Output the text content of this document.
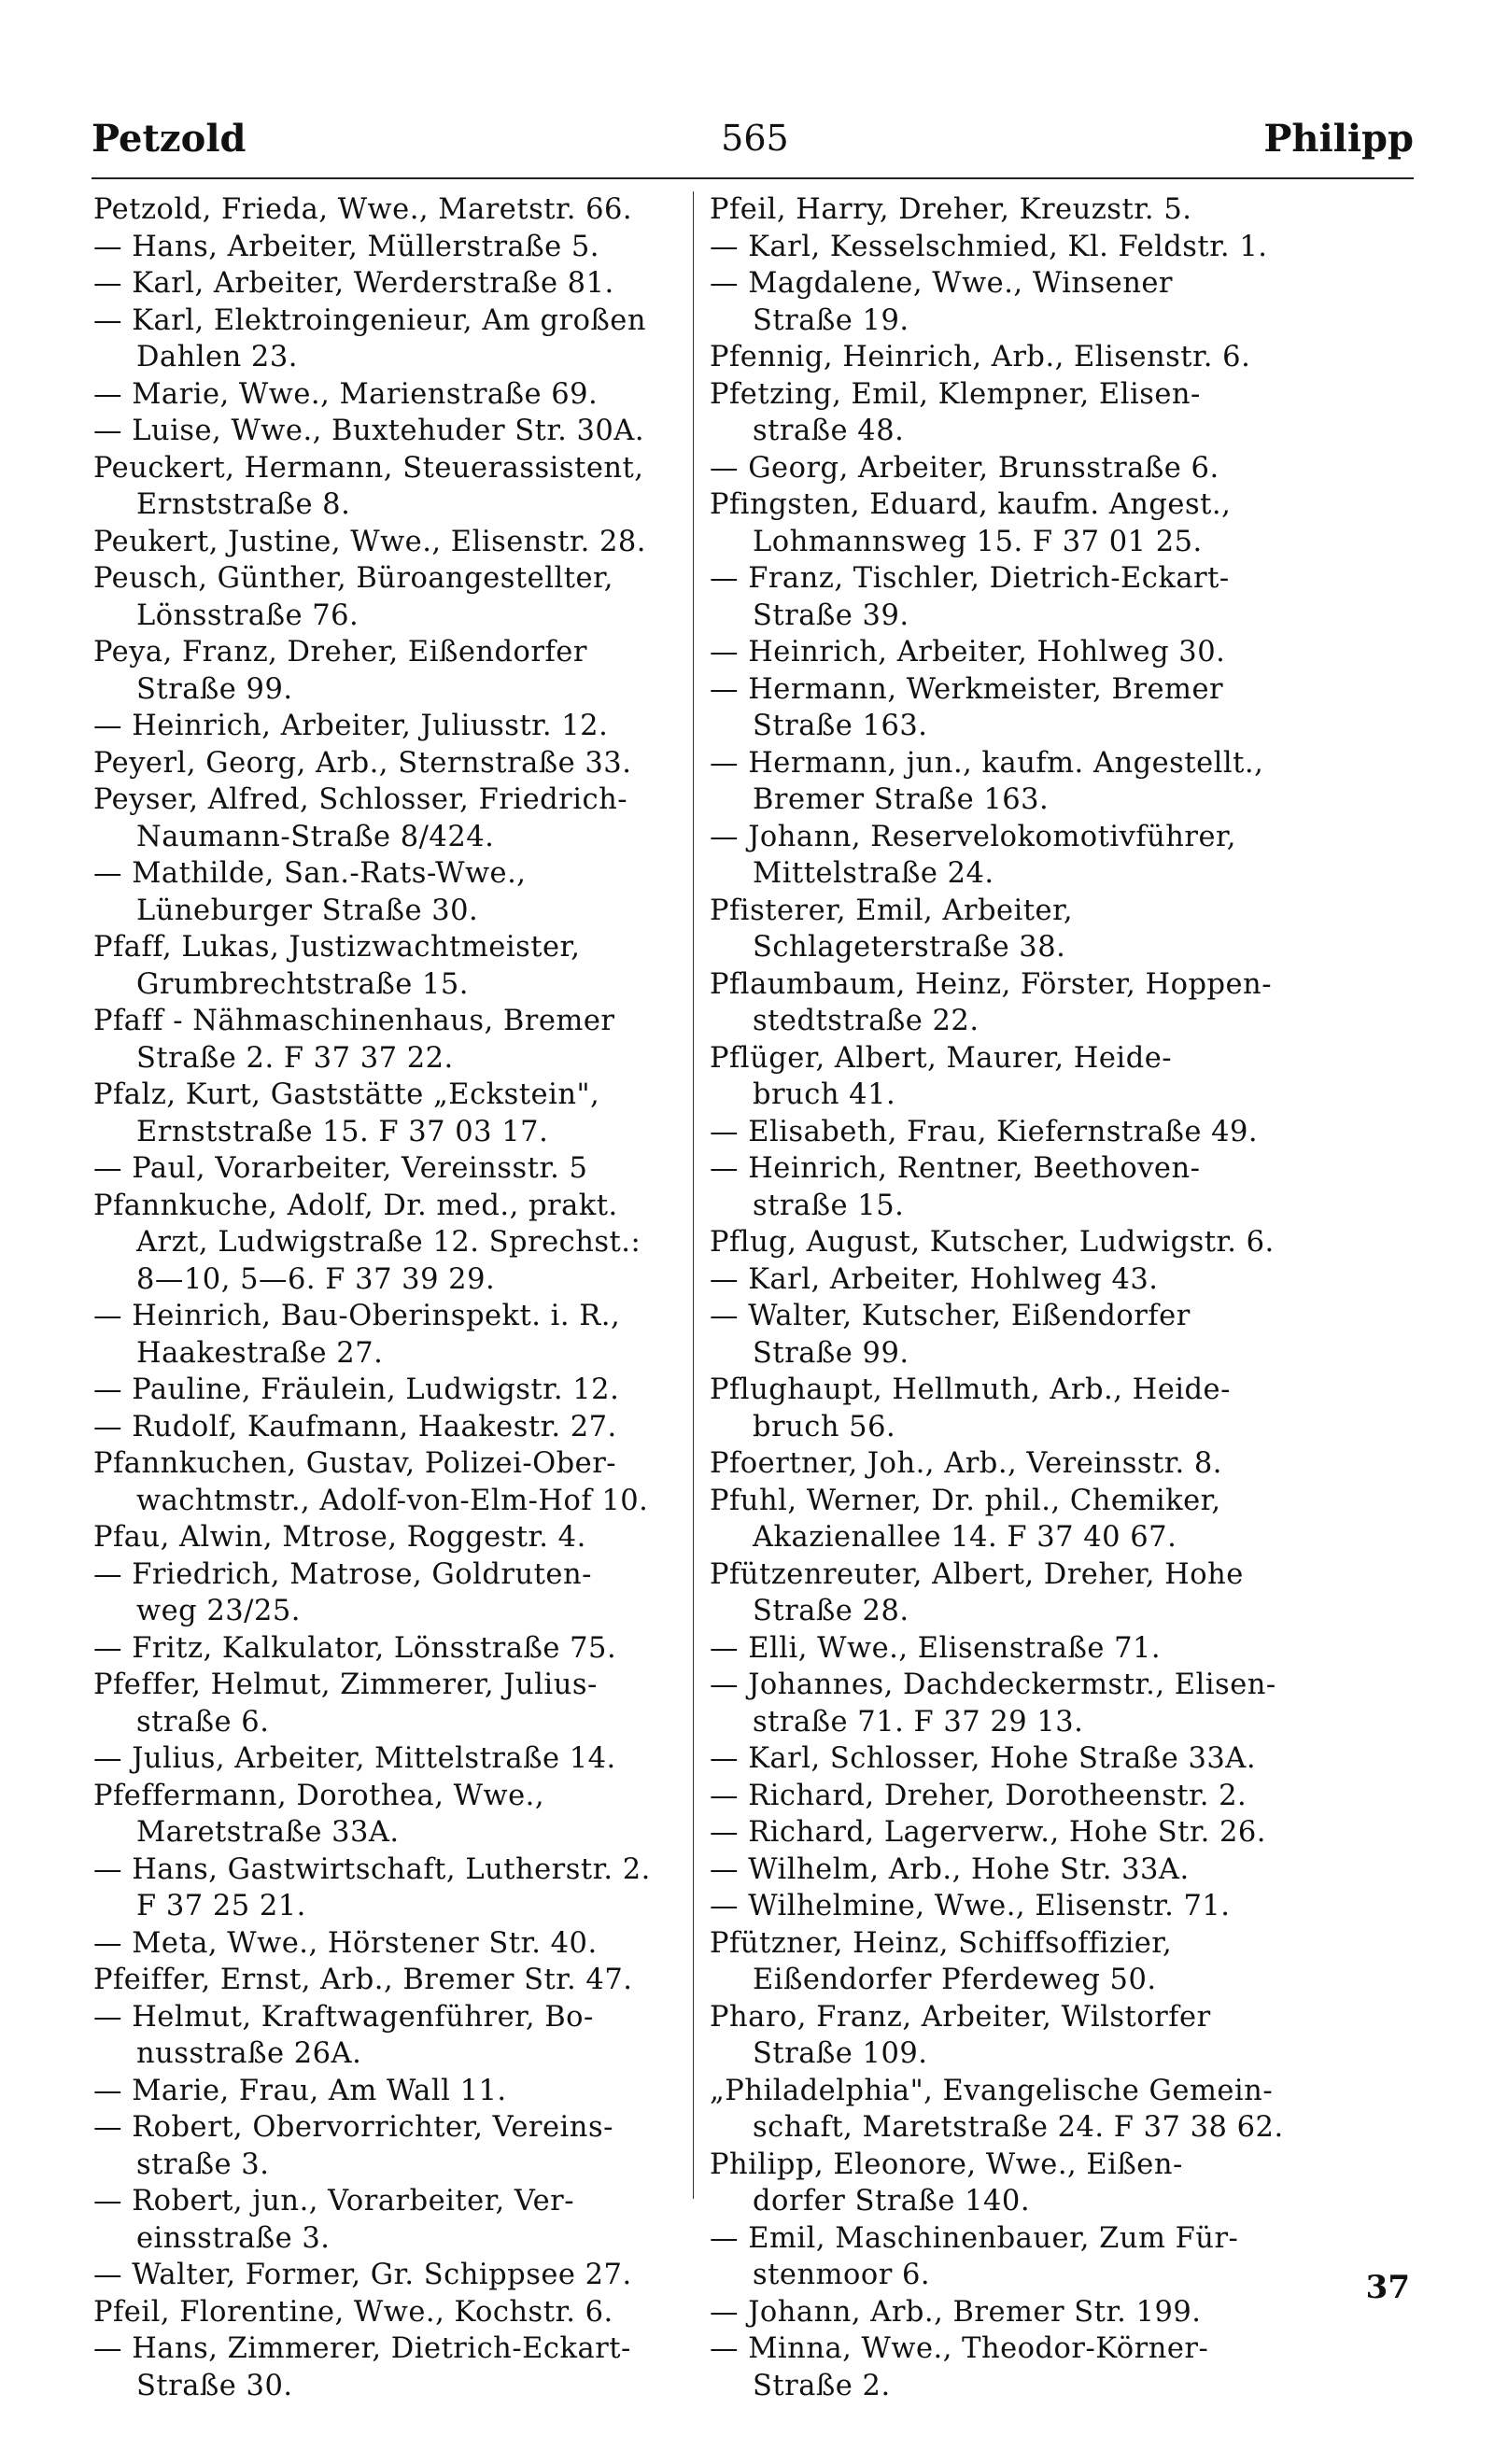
Petzold	565	Philipp
Petzold, Frieda, Wwe., Maretstr. 66.
— Hans, Arbeiter, Müllerstraße 5.
— Karl, Arbeiter, Werderstraße 81.
— Karl, Elektroingenieur, Am großen
Dahlen 23.
— Marie, Wwe., Marienstraße 69.
— Luise, Wwe., Buxtehuder Str. 30A.
Peuckert, Hermann, Steuerassistent,
Ernststraße 8.
Peukert, Justine, Wwe., Elisenstr. 28.
Peusch, Günther, Büroangestellter,
Lönsstraße 76.
Peya, Franz, Dreher, Eißendorfer
Straße 99.
— Heinrich, Arbeiter, Juliusstr. 12.
Peyerl, Georg, Arb., Sternstraße 33.
Peyser, Alfred, Schlosser, Friedrich-
Naumann-Straße 8/424.
— Mathilde, San.-Rats-Wwe.,
Lüneburger Straße 30.
Pfaff, Lukas, Justizwachtmeister,
Grumbrechtstraße 15.
Pfaff - Nähmaschinenhaus, Bremer
Straße 2. F 37 37 22.
Pfalz, Kurt, Gaststätte „Eckstein",
Ernststraße 15. F 37 03 17.
— Paul, Vorarbeiter, Vereinsstr. 5
Pfannkuche, Adolf, Dr. med., prakt.
Arzt, Ludwigstraße 12. Sprechst.:
8—10, 5—6. F 37 39 29.
— Heinrich, Bau-Oberinspekt. i. R.,
Haakestraße 27.
— Pauline, Fräulein, Ludwigstr. 12.
— Rudolf, Kaufmann, Haakestr. 27.
Pfannkuchen, Gustav, Polizei-Ober-
wachtmstr., Adolf-von-Elm-Hof 10.
Pfau, Alwin, Mtrose, Roggestr. 4.
— Friedrich, Matrose, Goldruten-
weg 23/25.
— Fritz, Kalkulator, Lönsstraße 75.
Pfeffer, Helmut, Zimmerer, Julius-
straße 6.
— Julius, Arbeiter, Mittelstraße 14.
Pfeffermann, Dorothea, Wwe.,
Maretstraße 33A.
— Hans, Gastwirtschaft, Lutherstr. 2.
F 37 25 21.
— Meta, Wwe., Hörstener Str. 40.
Pfeiffer, Ernst, Arb., Bremer Str. 47.
— Helmut, Kraftwagenführer, Bo-
nusstraße 26A.
— Marie, Frau, Am Wall 11.
— Robert, Obervorrichter, Vereins-
straße 3.
— Robert, jun., Vorarbeiter, Ver-
einsstraße 3.
— Walter, Former, Gr. Schippsee 27.
Pfeil, Florentine, Wwe., Kochstr. 6.
— Hans, Zimmerer, Dietrich-Eckart-
Straße 30.
Pfeil, Harry, Dreher, Kreuzstr. 5.
— Karl, Kesselschmied, Kl. Feldstr. 1.
— Magdalene, Wwe., Winsener
Straße 19.
Pfennig, Heinrich, Arb., Elisenstr. 6.
Pfetzing, Emil, Klempner, Elisen-
straße 48.
— Georg, Arbeiter, Brunsstraße 6.
Pfingsten, Eduard, kaufm. Angest.,
Lohmannsweg 15. F 37 01 25.
— Franz, Tischler, Dietrich-Eckart-
Straße 39.
— Heinrich, Arbeiter, Hohlweg 30.
— Hermann, Werkmeister, Bremer
Straße 163.
— Hermann, jun., kaufm. Angestellt.,
Bremer Straße 163.
— Johann, Reservelokomotivführer,
Mittelstraße 24.
Pfisterer, Emil, Arbeiter,
Schlageterstraße 38.
Pflaumbaum, Heinz, Förster, Hoppen-
stedtstraße 22.
Pflüger, Albert, Maurer, Heide-
bruch 41.
— Elisabeth, Frau, Kiefernstraße 49.
— Heinrich, Rentner, Beethoven-
straße 15.
Pflug, August, Kutscher, Ludwigstr. 6.
— Karl, Arbeiter, Hohlweg 43.
— Walter, Kutscher, Eißendorfer
Straße 99.
Pflughaupt, Hellmuth, Arb., Heide-
bruch 56.
Pfoertner, Joh., Arb., Vereinsstr. 8.
Pfuhl, Werner, Dr. phil., Chemiker,
Akazienallee 14. F 37 40 67.
Pfützenreuter, Albert, Dreher, Hohe
Straße 28.
— Elli, Wwe., Elisenstraße 71.
— Johannes, Dachdeckermstr., Elisen-
straße 71. F 37 29 13.
— Karl, Schlosser, Hohe Straße 33A.
— Richard, Dreher, Dorotheenstr. 2.
— Richard, Lagerverw., Hohe Str. 26.
— Wilhelm, Arb., Hohe Str. 33A.
— Wilhelmine, Wwe., Elisenstr. 71.
Pfützner, Heinz, Schiffsoffizier,
Eißendorfer Pferdeweg 50.
Pharo, Franz, Arbeiter, Wilstorfer
Straße 109.
„Philadelphia", Evangelische Gemein-
schaft, Maretstraße 24. F 37 38 62.
Philipp, Eleonore, Wwe., Eißen-
dorfer Straße 140.
— Emil, Maschinenbauer, Zum Für-
stenmoor 6.
— Johann, Arb., Bremer Str. 199.
— Minna, Wwe., Theodor-Körner-
Straße 2.
37
